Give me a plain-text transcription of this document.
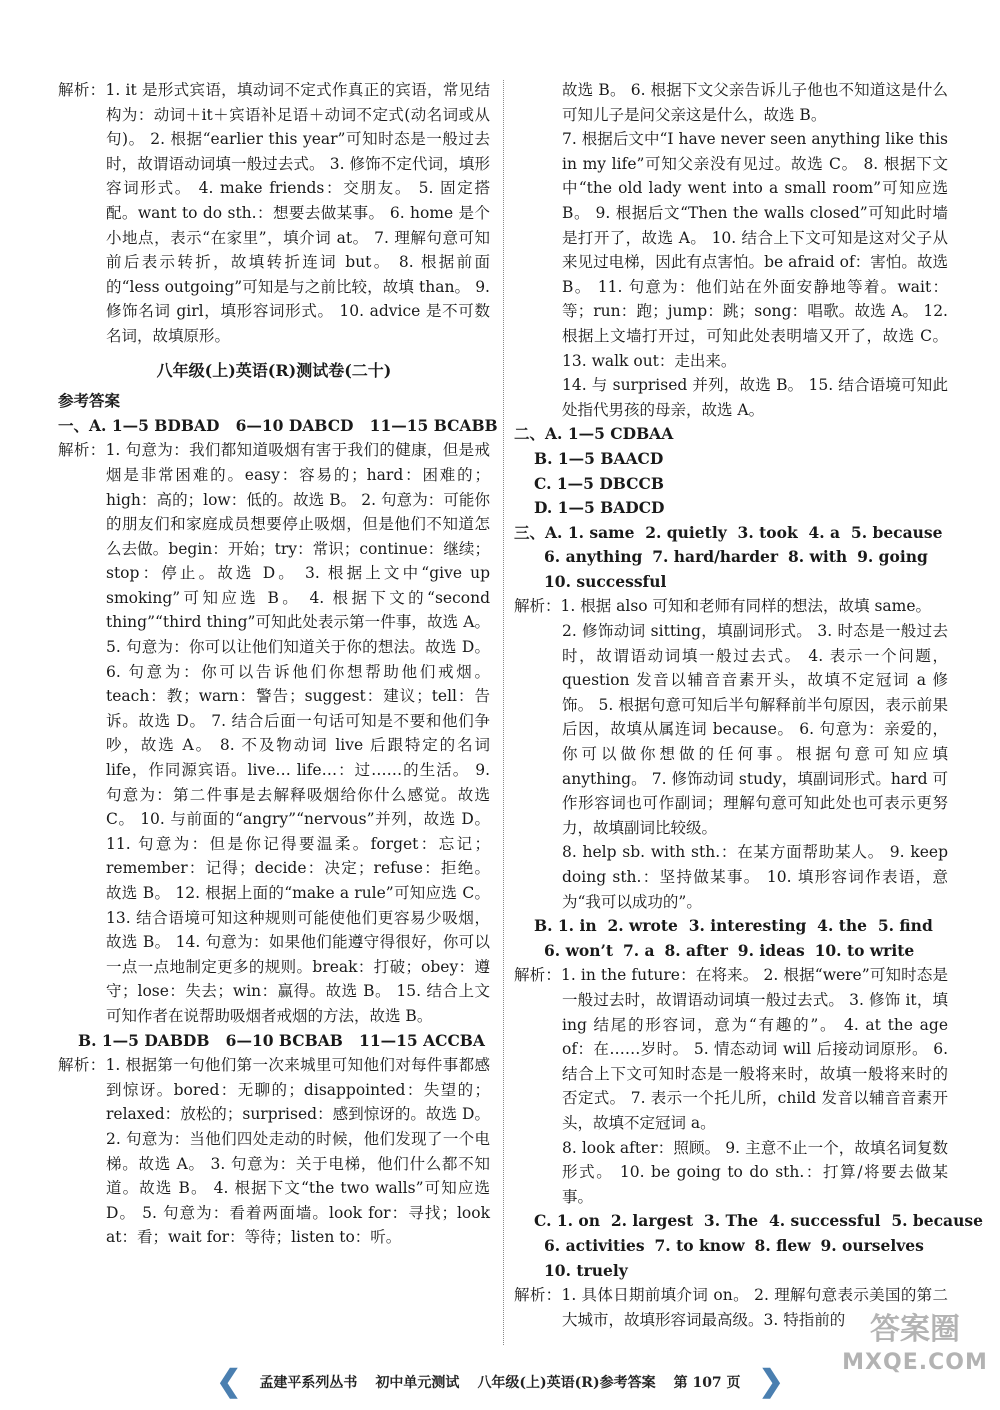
解析：1. it 是形式宾语，填动词不定式作真正的宾语，常见结构为：动词＋it＋宾语补足语＋动词不定式(动名词或从句)。 2. 根据“earlier this year”可知时态是一般过去时，故谓语动词填一般过去式。 3. 修饰不定代词，填形容词形式。 4. make friends：交朋友。 5. 固定搭配。want to do sth.：想要去做某事。 6. home 是个小地点，表示“在家里”，填介词 at。 7. 理解句意可知前后表示转折，故填转折连词 but。 8. 根据前面的“less outgoing”可知是与之前比较，故填 than。 9. 修饰名词 girl，填形容词形式。 10. advice 是不可数名词，故填原形。

八年级(上)英语(R)测试卷(二十)
参考答案
一、A. 1—5 BDBAD   6—10 DABCD   11—15 BCABB

解析：1. 句意为：我们都知道吸烟有害于我们的健康，但是戒烟是非常困难的。easy：容易的；hard：困难的；high：高的；low：低的。故选 B。 2. 句意为：可能你的朋友们和家庭成员想要停止吸烟，但是他们不知道怎么去做。begin：开始；try：常识；continue：继续；stop：停止。故选 D。 3. 根据上文中“give up smoking”可知应选 B。 4. 根据下文的“second thing”“third thing”可知此处表示第一件事，故选 A。 5. 句意为：你可以让他们知道关于你的想法。故选 D。 6. 句意为：你可以告诉他们你想帮助他们戒烟。teach：教；warn：警告；suggest：建议；tell：告诉。故选 D。 7. 结合后面一句话可知是不要和他们争吵，故选 A。 8. 不及物动词 live 后跟特定的名词 life，作同源宾语。live… life…：过……的生活。 9. 句意为：第二件事是去解释吸烟给你什么感觉。故选 C。 10. 与前面的“angry”“nervous”并列，故选 D。 11. 句意为：但是你记得要温柔。forget：忘记；remember：记得；decide：决定；refuse：拒绝。故选 B。 12. 根据上面的“make a rule”可知应选 C。 13. 结合语境可知这种规则可能使他们更容易少吸烟，故选 B。 14. 句意为：如果他们能遵守得很好，你可以一点一点地制定更多的规则。break：打破；obey：遵守；lose：失去；win：赢得。故选 B。 15. 结合上文可知作者在说帮助吸烟者戒烟的方法，故选 B。

B. 1—5 DABDB   6—10 BCBAB   11—15 ACCBA

解析：1. 根据第一句他们第一次来城里可知他们对每件事都感到惊讶。bored：无聊的；disappointed：失望的；relaxed：放松的；surprised：感到惊讶的。故选 D。 2. 句意为：当他们四处走动的时候，他们发现了一个电梯。故选 A。 3. 句意为：关于电梯，他们什么都不知道。故选 B。 4. 根据下文“the two walls”可知应选 D。 5. 句意为：看着两面墙。look for：寻找；look at：看；wait for：等待；listen to：听。

故选 B。 6. 根据下文父亲告诉儿子他也不知道这是什么可知儿子是问父亲这是什么，故选 B。

7. 根据后文中“I have never seen anything like this in my life”可知父亲没有见过。故选 C。 8. 根据下文中“the old lady went into a small room”可知应选 B。 9. 根据后文“Then the walls closed”可知此时墙是打开了，故选 A。 10. 结合上下文可知是这对父子从来见过电梯，因此有点害怕。be afraid of：害怕。故选 B。 11. 句意为：他们站在外面安静地等着。wait：等；run：跑；jump：跳；song：唱歌。故选 A。 12. 根据上文墙打开过，可知此处表明墙又开了，故选 C。 13. walk out：走出来。

14. 与 surprised 并列，故选 B。 15. 结合语境可知此处指代男孩的母亲，故选 A。

二、A. 1—5 CDBAA
B. 1—5 BAACD
C. 1—5 DBCCB
D. 1—5 BADCD
三、A. 1. same 2. quietly 3. took 4. a 5. because
6. anything 7. hard/harder 8. with 9. going
10. successful

解析：1. 根据 also 可知和老师有同样的想法，故填 same。

2. 修饰动词 sitting，填副词形式。 3. 时态是一般过去时，故谓语动词填一般过去式。 4. 表示一个问题，question 发音以辅音音素开头，故填不定冠词 a 修饰。 5. 根据句意可知后半句解释前半句原因，表示前果后因，故填从属连词 because。 6. 句意为：亲爱的，你可以做你想做的任何事。根据句意可知应填 anything。 7. 修饰动词 study，填副词形式。hard 可作形容词也可作副词；理解句意可知此处也可表示更努力，故填副词比较级。

8. help sb. with sth.：在某方面帮助某人。 9. keep doing sth.：坚持做某事。 10. 填形容词作表语，意为“我可以成功的”。

B. 1. in 2. wrote 3. interesting 4. the 5. find
6. won’t 7. a 8. after 9. ideas 10. to write

解析：1. in the future：在将来。 2. 根据“were”可知时态是一般过去时，故谓语动词填一般过去式。 3. 修饰 it，填 ing 结尾的形容词，意为“有趣的”。 4. at the age of：在……岁时。 5. 情态动词 will 后接动词原形。 6. 结合上下文可知时态是一般将来时，故填一般将来时的否定式。 7. 表示一个托儿所，child 发音以辅音音素开头，故填不定冠词 a。

8. look after：照顾。 9. 主意不止一个，故填名词复数形式。 10. be going to do sth.：打算/将要去做某事。

C. 1. on 2. largest 3. The 4. successful 5. because
6. activities 7. to know 8. flew 9. ourselves
10. truely

解析：1. 具体日期前填介词 on。 2. 理解句意表示美国的第二大城市，故填形容词最高级。3. 特指前的

❮ 孟建平系列丛书 初中单元测试 八年级(上)英语(R)参考答案 第 107 页 ❯
答案圈
MXQE.COM
